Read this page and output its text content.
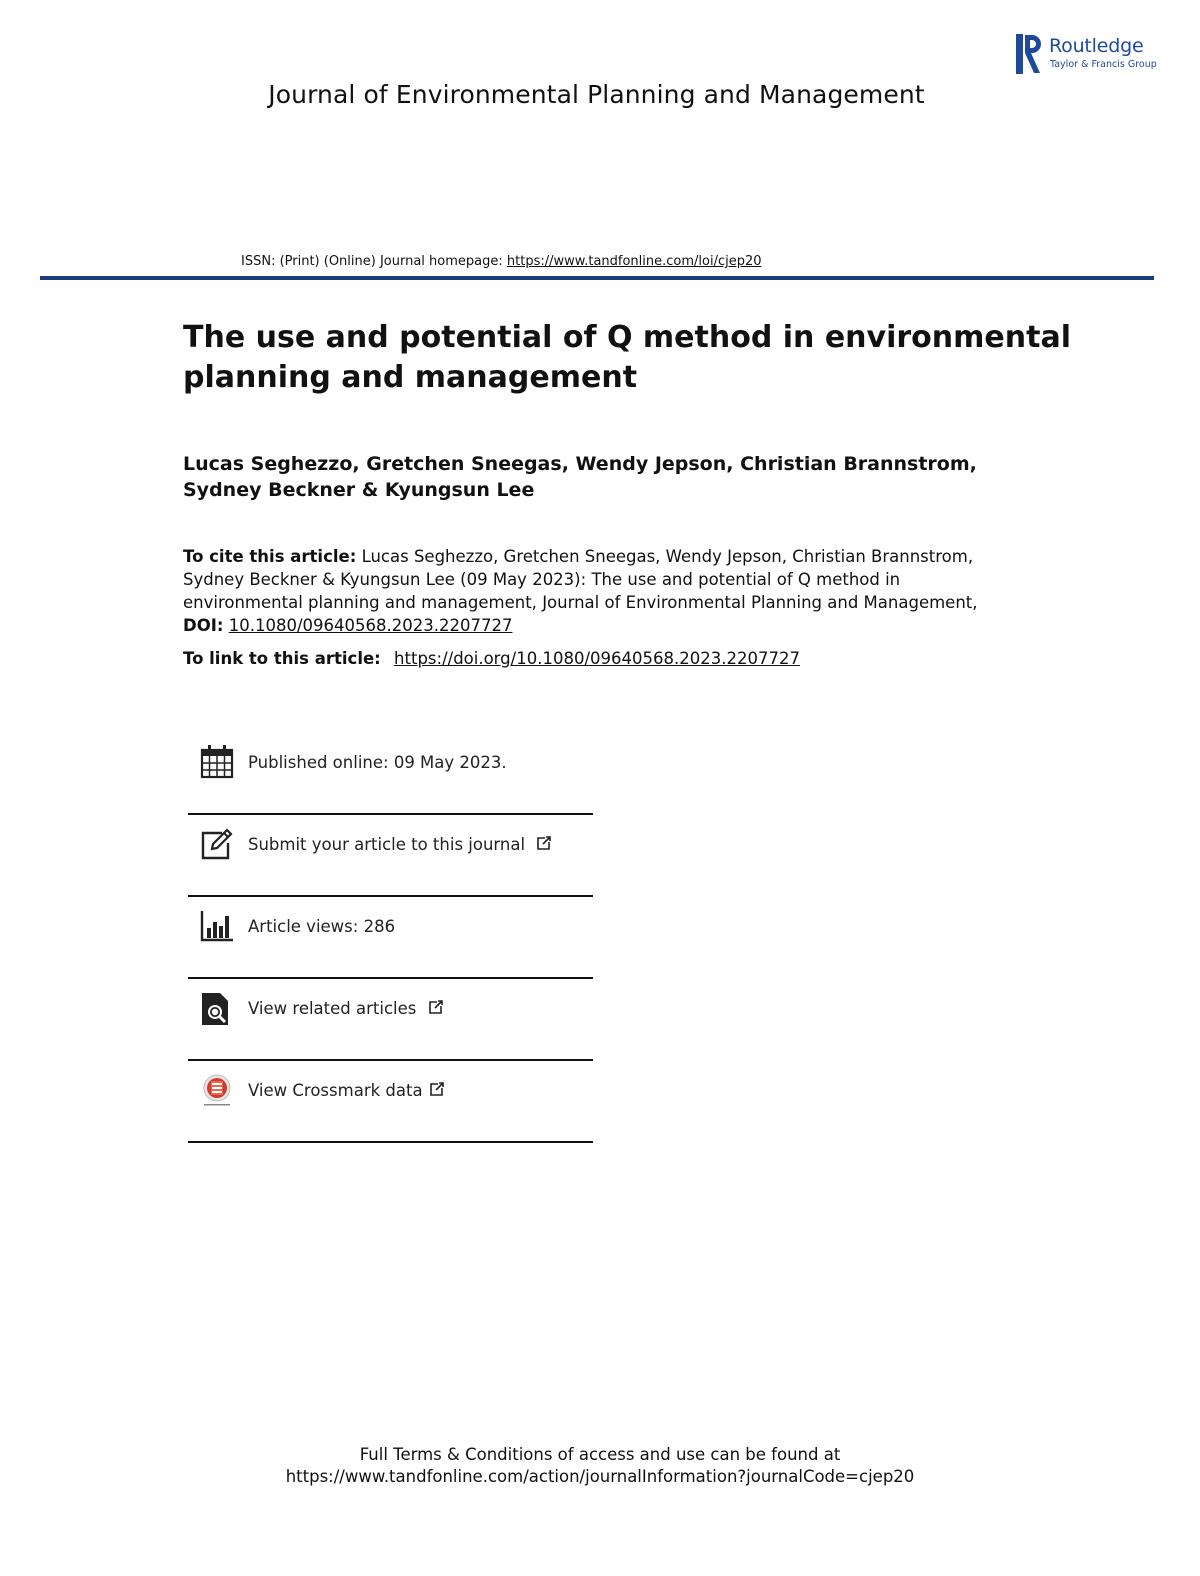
Routledge
Taylor & Francis Group
Journal of Environmental Planning and Management
ISSN: (Print) (Online) Journal homepage: https://www.tandfonline.com/loi/cjep20
The use and potential of Q method in environmental planning and management
Lucas Seghezzo, Gretchen Sneegas, Wendy Jepson, Christian Brannstrom,
Sydney Beckner & Kyungsun Lee
To cite this article: Lucas Seghezzo, Gretchen Sneegas, Wendy Jepson, Christian Brannstrom, Sydney Beckner & Kyungsun Lee (09 May 2023): The use and potential of Q method in environmental planning and management, Journal of Environmental Planning and Management, DOI: 10.1080/09640568.2023.2207727
To link to this article: https://doi.org/10.1080/09640568.2023.2207727
Published online: 09 May 2023.
Submit your article to this journal
Article views: 286
View related articles
View Crossmark data
Full Terms & Conditions of access and use can be found at
https://www.tandfonline.com/action/journalInformation?journalCode=cjep20
